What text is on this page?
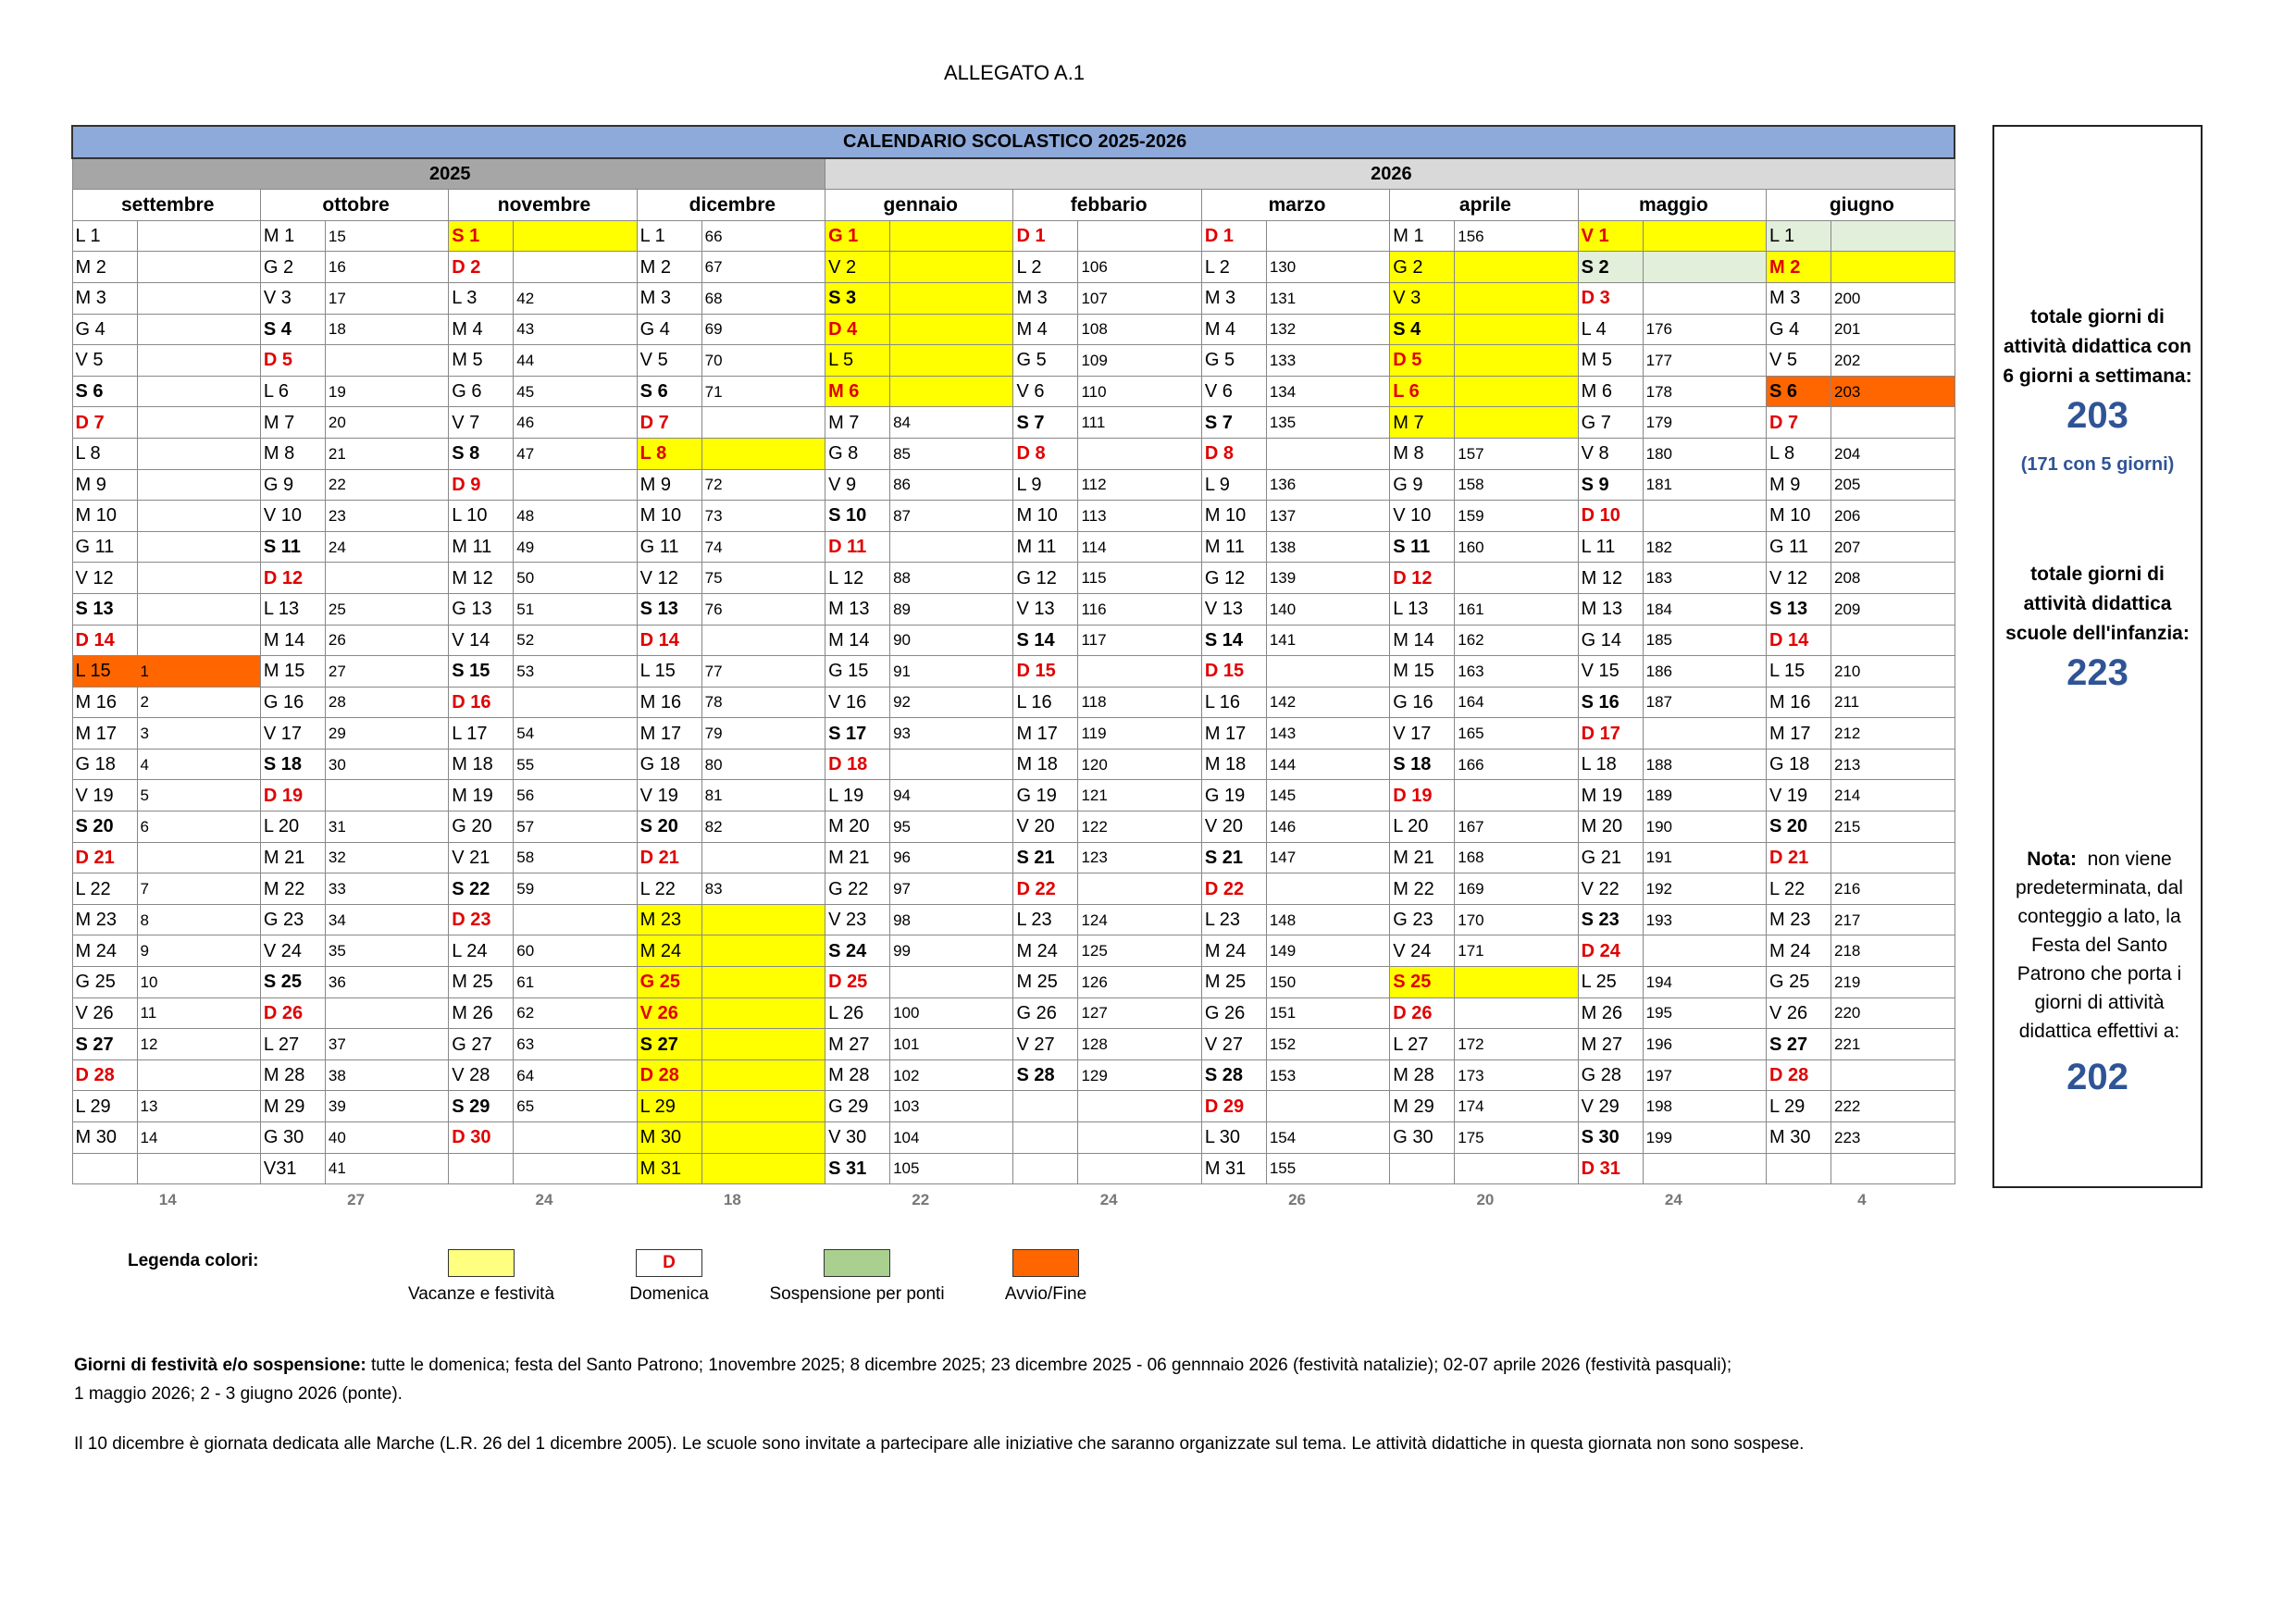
ALLEGATO A.1
CALENDARIO SCOLASTICO 2025-2026																			
2025								2026											
settembre		ottobre		novembre		dicembre		gennaio		febbario		marzo		aprile		maggio		giugno	
L 1		M 1	15	S 1		L 1	66	G 1		D 1		D 1		M 1	156	V 1		L 1	
M 2		G 2	16	D 2		M 2	67	V 2		L 2	106	L 2	130	G 2		S 2		M 2	
M 3		V 3	17	L 3	42	M 3	68	S 3		M 3	107	M 3	131	V 3		D 3		M 3	200
G 4		S 4	18	M 4	43	G 4	69	D 4		M 4	108	M 4	132	S 4		L 4	176	G 4	201
V 5		D 5		M 5	44	V 5	70	L 5		G 5	109	G 5	133	D 5		M 5	177	V 5	202
S 6		L 6	19	G 6	45	S 6	71	M 6		V 6	110	V 6	134	L 6		M 6	178	S 6	203
D 7		M 7	20	V 7	46	D 7		M 7	84	S 7	111	S 7	135	M 7		G 7	179	D 7	
L 8		M 8	21	S 8	47	L 8		G 8	85	D 8		D 8		M 8	157	V 8	180	L 8	204
M 9		G 9	22	D 9		M 9	72	V 9	86	L 9	112	L 9	136	G 9	158	S 9	181	M 9	205
M 10		V 10	23	L 10	48	M 10	73	S 10	87	M 10	113	M 10	137	V 10	159	D 10		M 10	206
G 11		S 11	24	M 11	49	G 11	74	D 11		M 11	114	M 11	138	S 11	160	L 11	182	G 11	207
V 12		D 12		M 12	50	V 12	75	L 12	88	G 12	115	G 12	139	D 12		M 12	183	V 12	208
S 13		L 13	25	G 13	51	S 13	76	M 13	89	V 13	116	V 13	140	L 13	161	M 13	184	S 13	209
D 14		M 14	26	V 14	52	D 14		M 14	90	S 14	117	S 14	141	M 14	162	G 14	185	D 14	
L 15	1	M 15	27	S 15	53	L 15	77	G 15	91	D 15		D 15		M 15	163	V 15	186	L 15	210
M 16	2	G 16	28	D 16		M 16	78	V 16	92	L 16	118	L 16	142	G 16	164	S 16	187	M 16	211
M 17	3	V 17	29	L 17	54	M 17	79	S 17	93	M 17	119	M 17	143	V 17	165	D 17		M 17	212
G 18	4	S 18	30	M 18	55	G 18	80	D 18		M 18	120	M 18	144	S 18	166	L 18	188	G 18	213
V 19	5	D 19		M 19	56	V 19	81	L 19	94	G 19	121	G 19	145	D 19		M 19	189	V 19	214
S 20	6	L 20	31	G 20	57	S 20	82	M 20	95	V 20	122	V 20	146	L 20	167	M 20	190	S 20	215
D 21		M 21	32	V 21	58	D 21		M 21	96	S 21	123	S 21	147	M 21	168	G 21	191	D 21	
L 22	7	M 22	33	S 22	59	L 22	83	G 22	97	D 22		D 22		M 22	169	V 22	192	L 22	216
M 23	8	G 23	34	D 23		M 23		V 23	98	L 23	124	L 23	148	G 23	170	S 23	193	M 23	217
M 24	9	V 24	35	L 24	60	M 24		S 24	99	M 24	125	M 24	149	V 24	171	D 24		M 24	218
G 25	10	S 25	36	M 25	61	G 25		D 25		M 25	126	M 25	150	S 25		L 25	194	G 25	219
V 26	11	D 26		M 26	62	V 26		L 26	100	G 26	127	G 26	151	D 26		M 26	195	V 26	220
S 27	12	L 27	37	G 27	63	S 27		M 27	101	V 27	128	V 27	152	L 27	172	M 27	196	S 27	221
D 28		M 28	38	V 28	64	D 28		M 28	102	S 28	129	S 28	153	M 28	173	G 28	197	D 28	
L 29	13	M 29	39	S 29	65	L 29		G 29	103			D 29		M 29	174	V 29	198	L 29	222
M 30	14	G 30	40	D 30		M 30		V 30	104			L 30	154	G 30	175	S 30	199	M 30	223
		V31	41			M 31		S 31	105			M 31	155			D 31			
14		27		24		18		22		24		26		20		24		4	
totale giorni di
attività didattica con
6 giorni a settimana:
203
(171 con 5 giorni)
totale giorni di
attività didattica
scuole dell'infanzia:
223
Nota: non viene
predeterminata, dal
conteggio a lato, la
Festa del Santo
Patrono che porta i
giorni di attività
didattica effettivi a:
202
Legenda colori:
Vacanze e festività
D
Domenica	Sospensione per ponti	Avvio/Fine
Giorni di festività e/o sospensione: tutte le domenica; festa del Santo Patrono; 1novembre 2025; 8 dicembre 2025; 23 dicembre 2025 - 06 gennnaio 2026 (festività natalizie); 02-07 aprile 2026 (festività pasquali);
1 maggio 2026; 2 - 3 giugno 2026 (ponte).
Il 10 dicembre è giornata dedicata alle Marche (L.R. 26 del 1 dicembre 2005). Le scuole sono invitate a partecipare alle iniziative che saranno organizzate sul tema. Le attività didattiche in questa giornata non sono sospese.
